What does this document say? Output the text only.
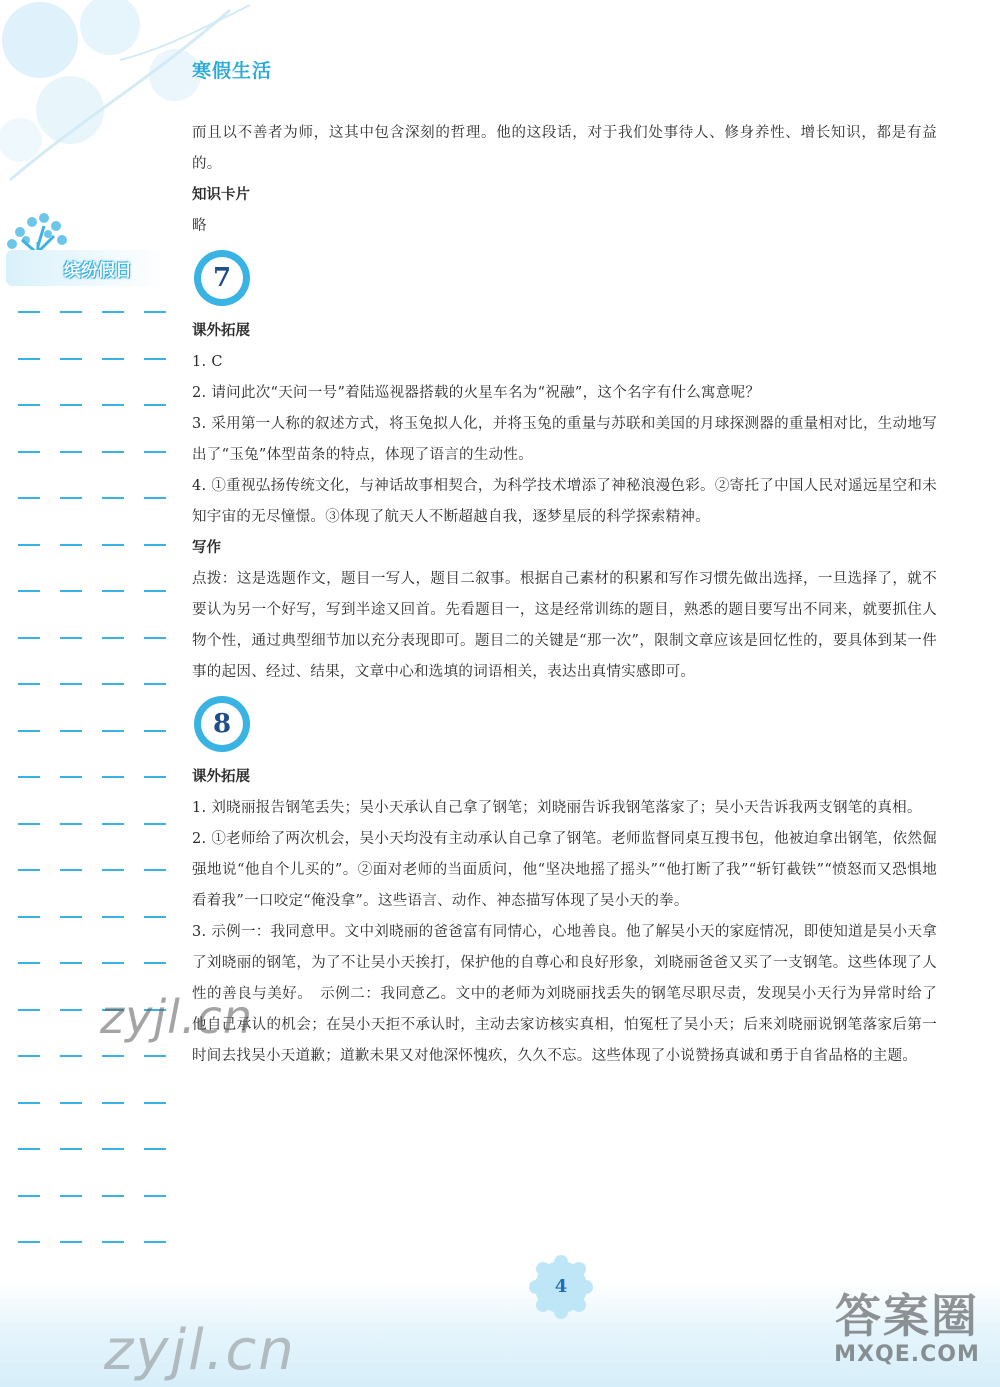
寒假生活
缤纷假日

而且以不善者为师，这其中包含深刻的哲理。他的这段话，对于我们处事待人、修身养性、增长知识，都是有益的。

知识卡片

略

7

课外拓展

1. C

2. 请问此次“天问一号”着陆巡视器搭载的火星车名为“祝融”，这个名字有什么寓意呢？

3. 采用第一人称的叙述方式，将玉兔拟人化，并将玉兔的重量与苏联和美国的月球探测器的重量相对比，生动地写出了“玉兔”体型苗条的特点，体现了语言的生动性。

4. ①重视弘扬传统文化，与神话故事相契合，为科学技术增添了神秘浪漫色彩。②寄托了中国人民对遥远星空和未知宇宙的无尽憧憬。③体现了航天人不断超越自我，逐梦星辰的科学探索精神。

写作

点拨：这是选题作文，题目一写人，题目二叙事。根据自己素材的积累和写作习惯先做出选择，一旦选择了，就不要认为另一个好写，写到半途又回首。先看题目一，这是经常训练的题目，熟悉的题目要写出不同来，就要抓住人物个性，通过典型细节加以充分表现即可。题目二的关键是“那一次”，限制文章应该是回忆性的，要具体到某一件事的起因、经过、结果，文章中心和选填的词语相关，表达出真情实感即可。

8

课外拓展

1. 刘晓丽报告钢笔丢失；吴小天承认自己拿了钢笔；刘晓丽告诉我钢笔落家了；吴小天告诉我两支钢笔的真相。

2. ①老师给了两次机会，吴小天均没有主动承认自己拿了钢笔。老师监督同桌互搜书包，他被迫拿出钢笔，依然倔强地说“他自个儿买的”。②面对老师的当面质问，他“坚决地摇了摇头”“他打断了我”“斩钉截铁”“愤怒而又恐惧地看着我”一口咬定“俺没拿”。这些语言、动作、神态描写体现了吴小天的拳。

3. 示例一：我同意甲。文中刘晓丽的爸爸富有同情心，心地善良。他了解吴小天的家庭情况，即使知道是吴小天拿了刘晓丽的钢笔，为了不让吴小天挨打，保护他的自尊心和良好形象，刘晓丽爸爸又买了一支钢笔。这些体现了人性的善良与美好。　示例二：我同意乙。文中的老师为刘晓丽找丢失的钢笔尽职尽责，发现吴小天行为异常时给了他自己承认的机会；在吴小天拒不承认时，主动去家访核实真相，怕冤枉了吴小天；后来刘晓丽说钢笔落家后第一时间去找吴小天道歉；道歉未果又对他深怀愧疚，久久不忘。这些体现了小说赞扬真诚和勇于自省品格的主题。

4
zyjl.cn
zyjl.cn
答案圈
MXQE.COM
